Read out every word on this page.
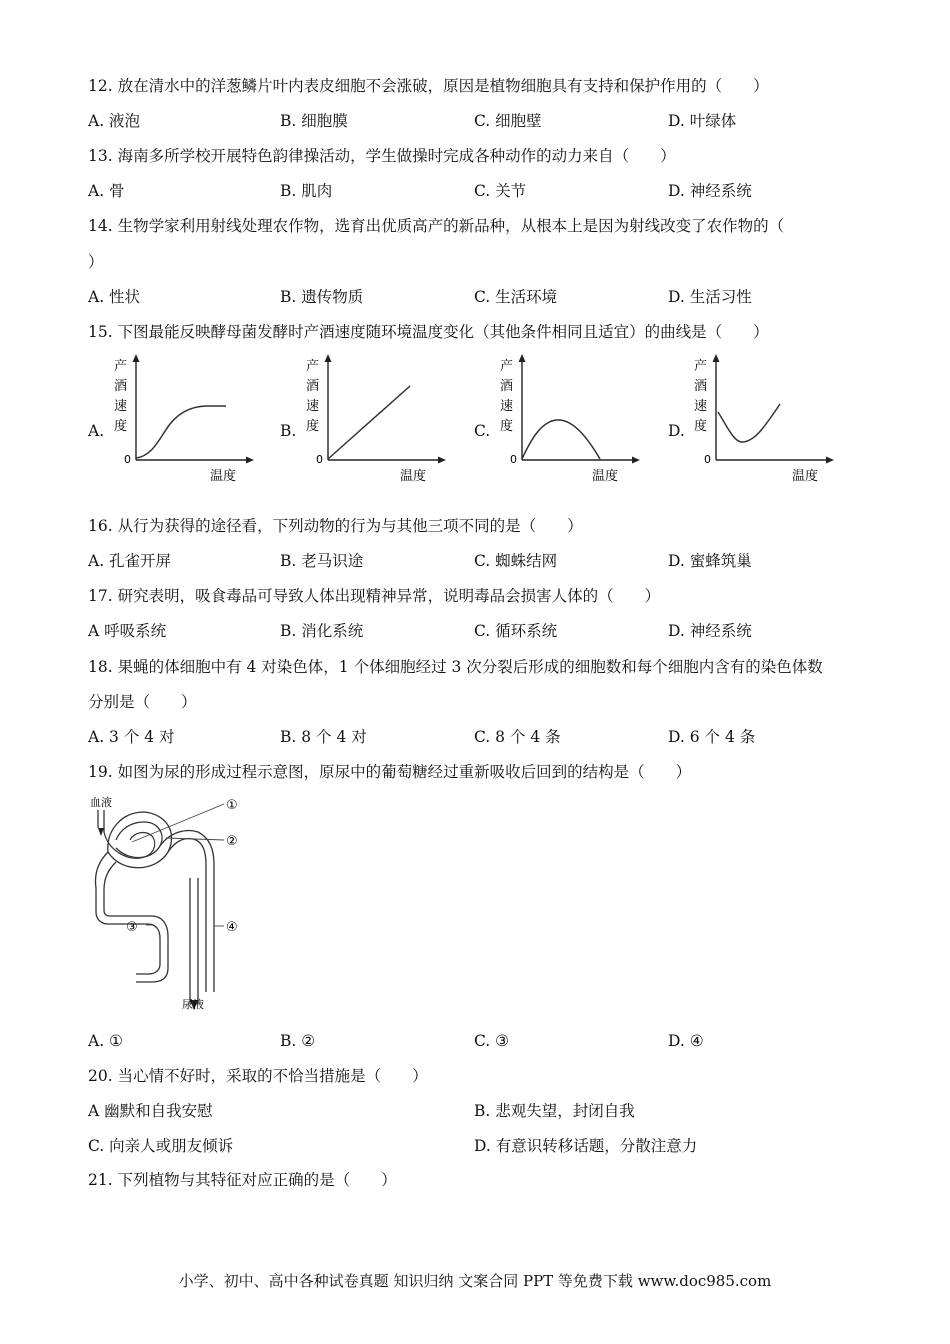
12. 放在清水中的洋葱鳞片叶内表皮细胞不会涨破，原因是植物细胞具有支持和保护作用的（　　）
A. 液泡	B. 细胞膜	C. 细胞壁	D. 叶绿体
13. 海南多所学校开展特色韵律操活动，学生做操时完成各种动作的动力来自（　　）
A. 骨	B. 肌肉	C. 关节	D. 神经系统
14. 生物学家利用射线处理农作物，选育出优质高产的新品种，从根本上是因为射线改变了农作物的（
）
A. 性状	B. 遗传物质	C. 生活环境	D. 生活习性
15. 下图最能反映酵母菌发酵时产酒速度随环境温度变化（其他条件相同且适宜）的曲线是（　　）
A.
产
酒
速
度
0
温度
B.
产
酒
速
度
0
温度
C.
产
酒
速
度
0
温度
D.
产
酒
速
度
0
温度
16. 从行为获得的途径看，下列动物的行为与其他三项不同的是（　　）
A. 孔雀开屏	B. 老马识途	C. 蜘蛛结网	D. 蜜蜂筑巢
17. 研究表明，吸食毒品可导致人体出现精神异常，说明毒品会损害人体的（　　）
A 呼吸系统	B. 消化系统	C. 循环系统	D. 神经系统
18. 果蝇的体细胞中有 4 对染色体，1 个体细胞经过 3 次分裂后形成的细胞数和每个细胞内含有的染色体数
分别是（　　）
A. 3 个 4 对	B. 8 个 4 对	C. 8 个 4 条	D. 6 个 4 条
19. 如图为尿的形成过程示意图，原尿中的葡萄糖经过重新吸收后回到的结构是（　　）
血液	①
②
③	④
尿液
A. ①	B. ②	C. ③	D. ④
20. 当心情不好时，采取的不恰当措施是（　　）
A 幽默和自我安慰	B. 悲观失望，封闭自我
C. 向亲人或朋友倾诉	D. 有意识转移话题，分散注意力
21. 下列植物与其特征对应正确的是（　　）
小学、初中、高中各种试卷真题 知识归纳 文案合同 PPT 等免费下载 www.doc985.com
